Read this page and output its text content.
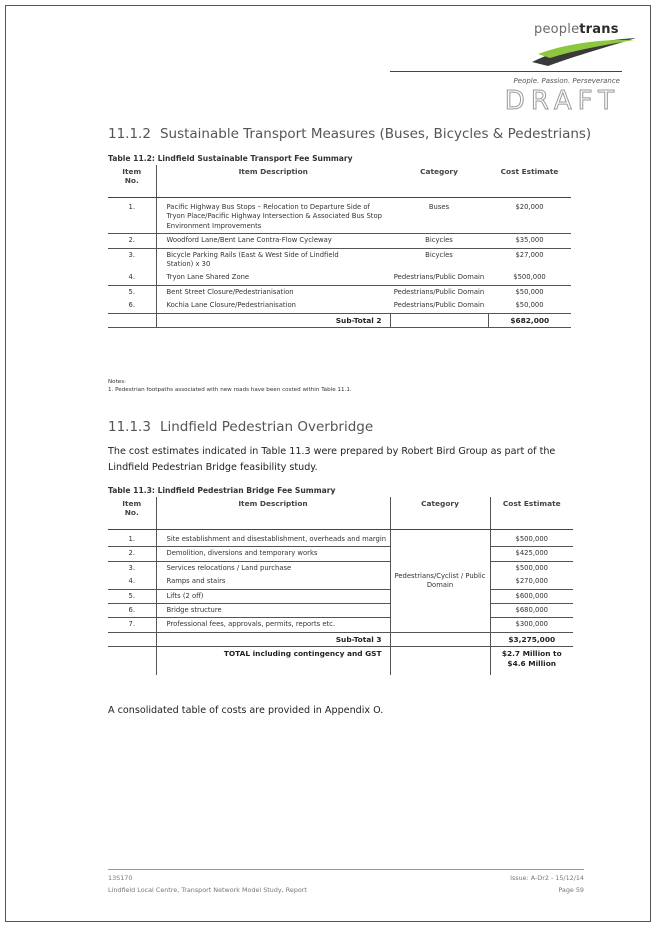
peopletrans
People. Passion. Perseverance
DRAFT
11.1.2 Sustainable Transport Measures (Buses, Bicycles & Pedestrians)
Table 11.2: Lindfield Sustainable Transport Fee Summary
Item
No.	Item Description	Category	Cost Estimate
1.	Pacific Highway Bus Stops – Relocation to Departure Side of Tryon Place/Pacific Highway Intersection & Associated Bus Stop Environment Improvements	Buses	$20,000
2.	Woodford Lane/Bent Lane Contra-Flow Cycleway	Bicycles	$35,000
3.	Bicycle Parking Rails (East & West Side of Lindfield Station) x 30	Bicycles	$27,000
4.	Tryon Lane Shared Zone	Pedestrians/Public Domain	$500,000
5.	Bent Street Closure/Pedestrianisation	Pedestrians/Public Domain	$50,000
6.	Kochia Lane Closure/Pedestrianisation	Pedestrians/Public Domain	$50,000
	Sub-Total 2		$682,000
Notes:
1. Pedestrian footpaths associated with new roads have been costed within Table 11.1.
11.1.3 Lindfield Pedestrian Overbridge
The cost estimates indicated in Table 11.3 were prepared by Robert Bird Group as part of the Lindfield Pedestrian Bridge feasibility study.
Table 11.3: Lindfield Pedestrian Bridge Fee Summary
Item
No.	Item Description	Category	Cost Estimate
1.	Site establishment and disestablishment, overheads and margin	Pedestrians/Cyclist / Public Domain	$500,000
2.	Demolition, diversions and temporary works		$425,000
3.	Services relocations / Land purchase		$500,000
4.	Ramps and stairs		$270,000
5.	Lifts (2 off)		$600,000
6.	Bridge structure		$680,000
7.	Professional fees, approvals, permits, reports etc.		$300,000
	Sub-Total 3		$3,275,000
	TOTAL including contingency and GST		$2.7 Million to $4.6 Million
A consolidated table of costs are provided in Appendix O.
13S170
Lindfield Local Centre, Transport Network Model Study, Report
Issue: A-Dr2 - 15/12/14
Page 59
